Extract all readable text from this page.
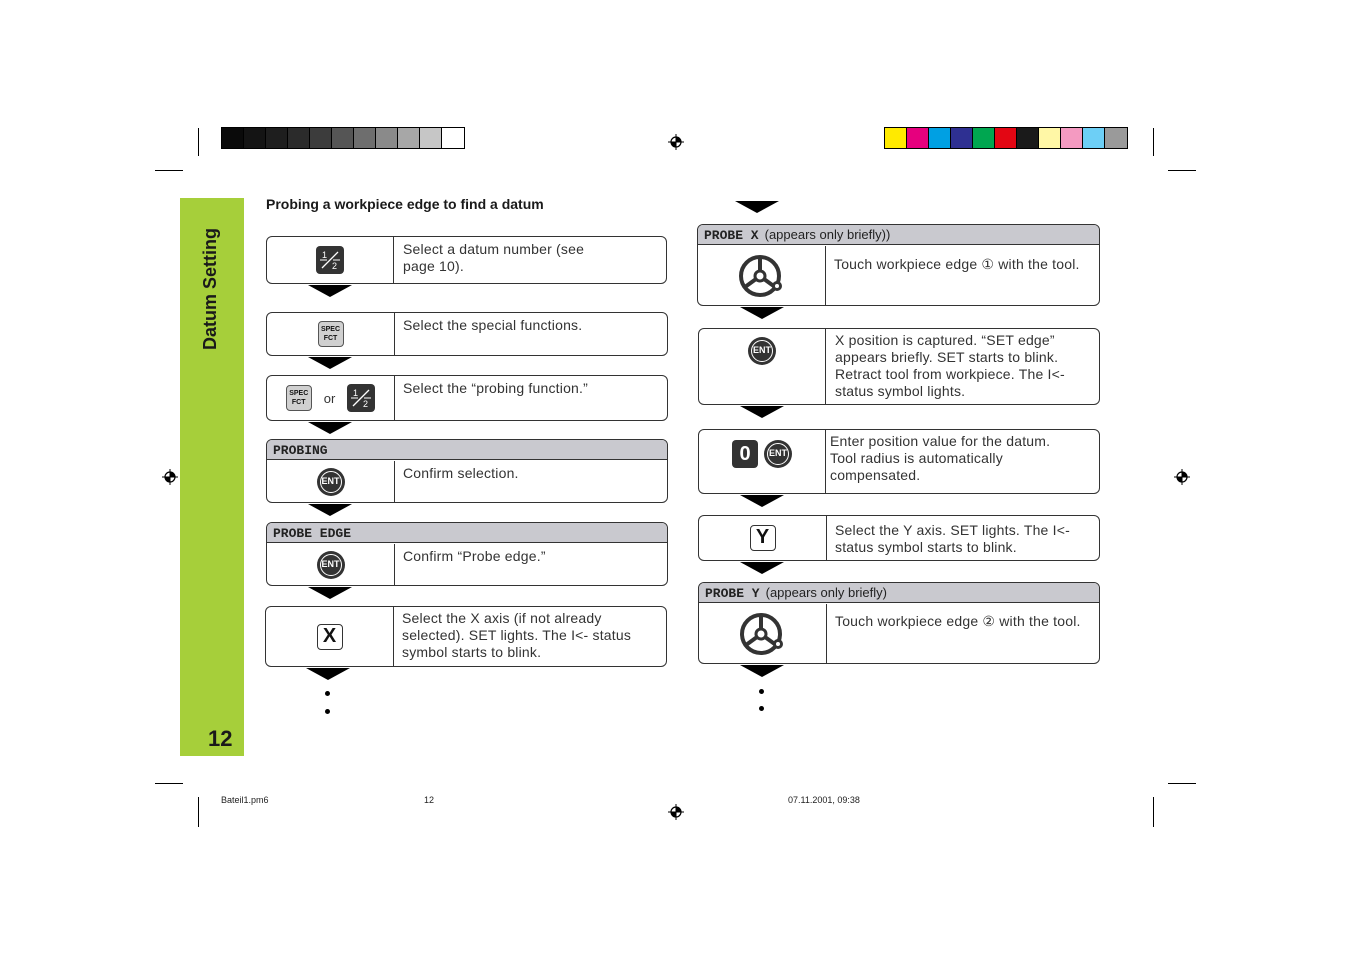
Datum Setting
12
Probing a workpiece edge to find a datum
1
2
Select a datum number (see page 10).
SPEC
FCT
Select the special functions.
SPEC
FCT	or 1
2
Select the “probing function.”
PROBING
ENT	Confirm selection.
PROBE EDGE
ENT	Confirm “Probe edge.”
X
Select the X axis (if not already selected). SET lights. The I<- status symbol starts to blink.
PROBE X (appears only briefly))
Touch workpiece edge ① with the tool.
ENT
X position is captured. “SET edge” appears briefly. SET starts to blink. Retract tool from workpiece. The I<- status symbol lights.
0	ENT
Enter position value for the datum. Tool radius is automatically compensated.
Y	Select the Y axis. SET lights. The I<- status symbol starts to blink.
PROBE Y (appears only briefly)
Touch workpiece edge ② with the tool.
Bateil1.pm6	12	07.11.2001, 09:38
